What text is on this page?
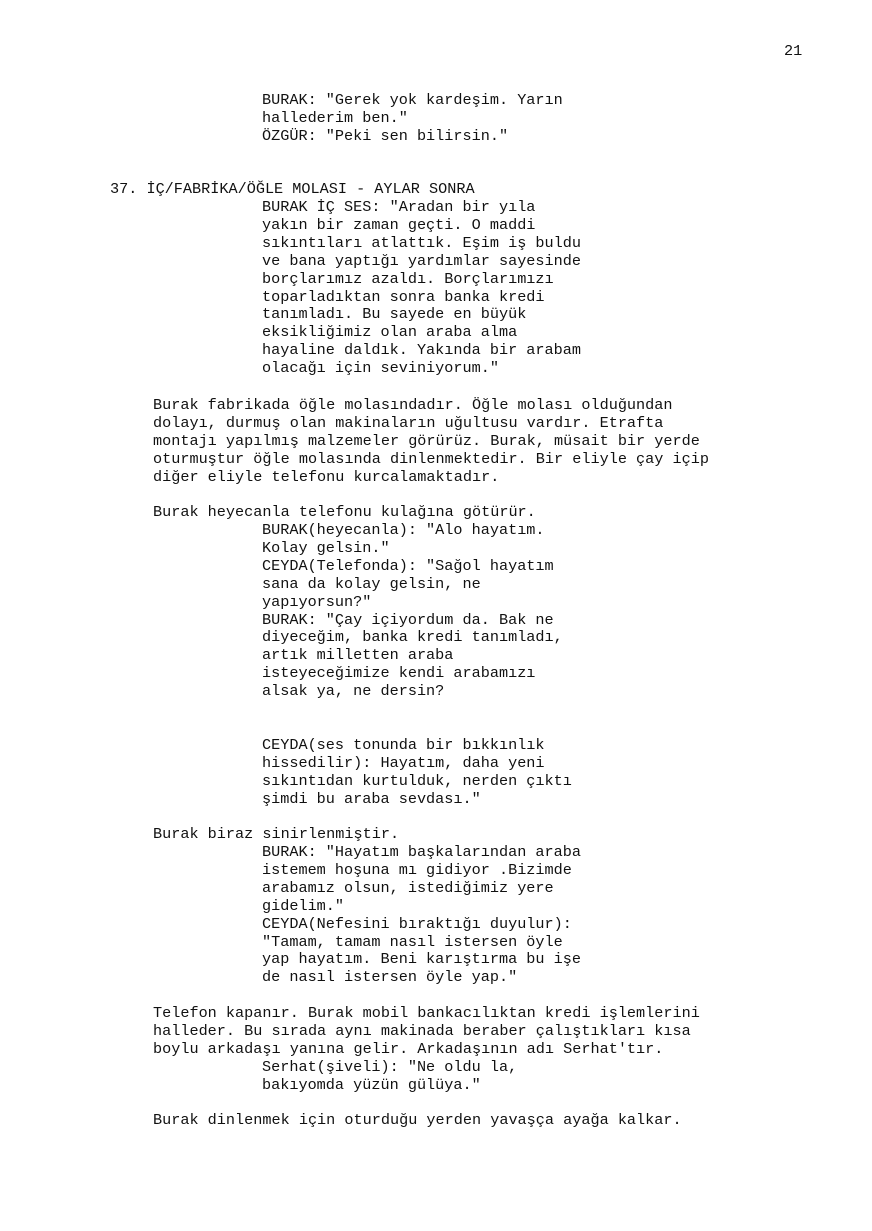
21
BURAK: "Gerek yok kardeşim. Yarın
hallederim ben."
ÖZGÜR: "Peki sen bilirsin."
37. İÇ/FABRİKA/ÖĞLE MOLASI - AYLAR SONRA
BURAK İÇ SES: "Aradan bir yıla
yakın bir zaman geçti. O maddi
sıkıntıları atlattık. Eşim iş buldu
ve bana yaptığı yardımlar sayesinde
borçlarımız azaldı. Borçlarımızı
toparladıktan sonra banka kredi
tanımladı. Bu sayede en büyük
eksikliğimiz olan araba alma
hayaline daldık. Yakında bir arabam
olacağı için seviniyorum."
Burak fabrikada öğle molasındadır. Öğle molası olduğundan
dolayı, durmuş olan makinaların uğultusu vardır. Etrafta
montajı yapılmış malzemeler görürüz. Burak, müsait bir yerde
oturmuştur öğle molasında dinlenmektedir. Bir eliyle çay içip
diğer eliyle telefonu kurcalamaktadır.
Burak heyecanla telefonu kulağına götürür.
BURAK(heyecanla): "Alo hayatım.
Kolay gelsin."
CEYDA(Telefonda): "Sağol hayatım
sana da kolay gelsin, ne
yapıyorsun?"
BURAK: "Çay içiyordum da. Bak ne
diyeceğim, banka kredi tanımladı,
artık milletten araba
isteyeceğimize kendi arabamızı
alsak ya, ne dersin?
CEYDA(ses tonunda bir bıkkınlık
hissedilir): Hayatım, daha yeni
sıkıntıdan kurtulduk, nerden çıktı
şimdi bu araba sevdası."
Burak biraz sinirlenmiştir.
BURAK: "Hayatım başkalarından araba
istemem hoşuna mı gidiyor .Bizimde
arabamız olsun, istediğimiz yere
gidelim."
CEYDA(Nefesini bıraktığı duyulur):
"Tamam, tamam nasıl istersen öyle
yap hayatım. Beni karıştırma bu işe
de nasıl istersen öyle yap."
Telefon kapanır. Burak mobil bankacılıktan kredi işlemlerini
halleder. Bu sırada aynı makinada beraber çalıştıkları kısa
boylu arkadaşı yanına gelir. Arkadaşının adı Serhat'tır.
Serhat(şiveli): "Ne oldu la,
bakıyomda yüzün gülüya."
Burak dinlenmek için oturduğu yerden yavaşça ayağa kalkar.
